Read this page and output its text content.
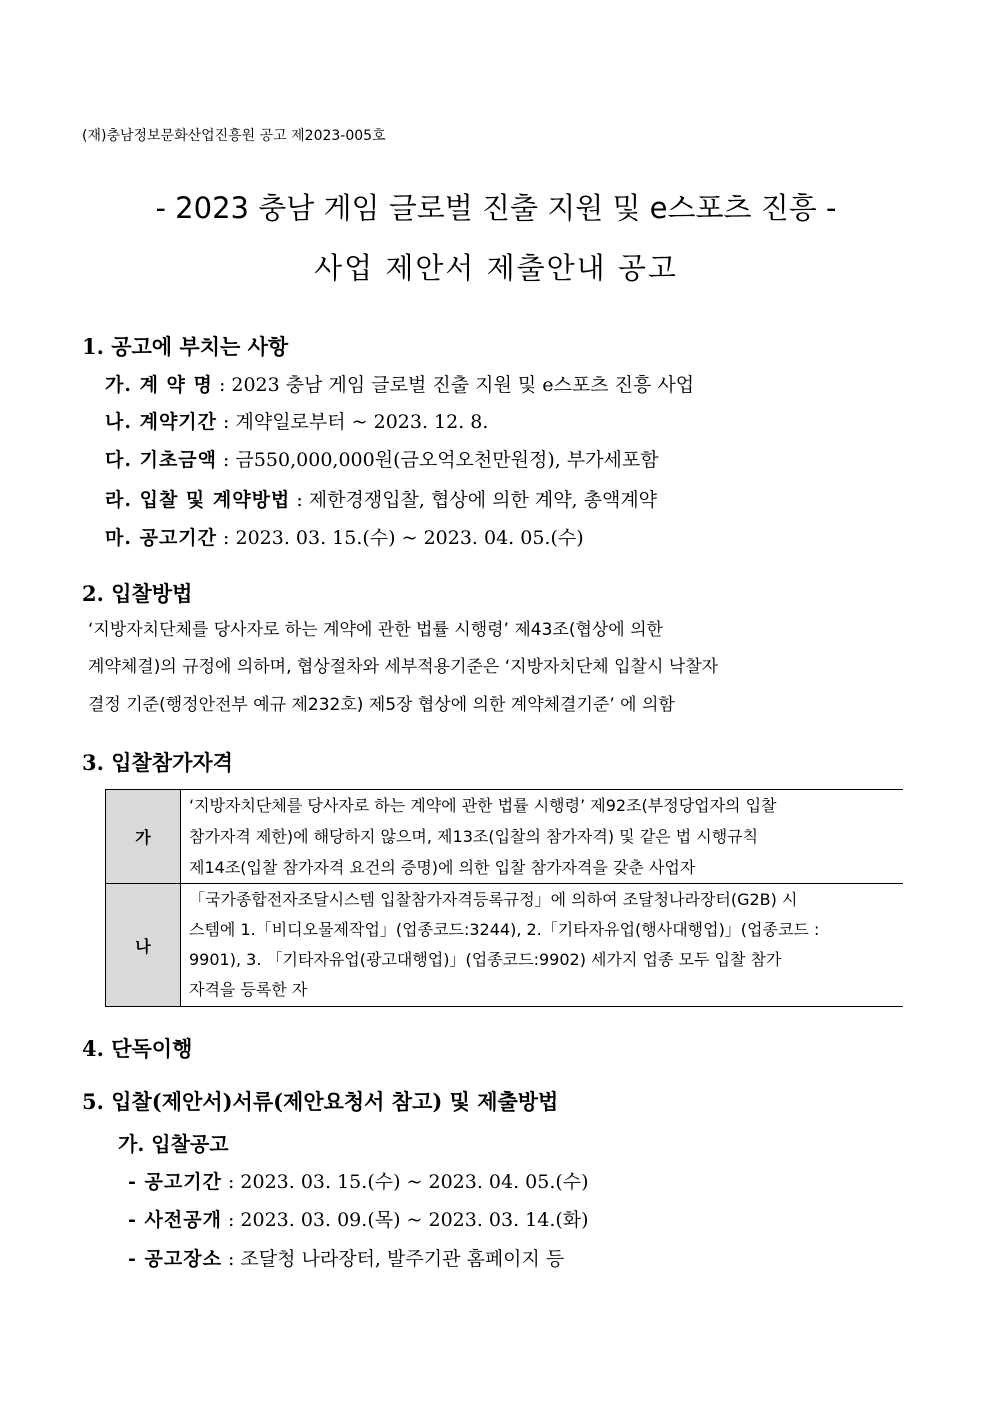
(재)충남정보문화산업진흥원 공고 제2023-005호
- 2023 충남 게임 글로벌 진출 지원 및 e스포츠 진흥 -
사업 제안서 제출안내 공고
1. 공고에 부치는 사항
가. 계 약 명 : 2023 충남 게임 글로벌 진출 지원 및 e스포츠 진흥 사업
나. 계약기간 : 계약일로부터 ~ 2023. 12. 8.
다. 기초금액 : 금550,000,000원(금오억오천만원정), 부가세포함
라. 입찰 및 계약방법 : 제한경쟁입찰, 협상에 의한 계약, 총액계약
마. 공고기간 : 2023. 03. 15.(수) ~ 2023. 04. 05.(수)
2. 입찰방법
‘지방자치단체를 당사자로 하는 계약에 관한 법률 시행령’ 제43조(협상에 의한
계약체결)의 규정에 의하며, 협상절차와 세부적용기준은 ‘지방자치단체 입찰시 낙찰자
결정 기준(행정안전부 예규 제232호) 제5장 협상에 의한 계약체결기준’ 에 의함
3. 입찰참가자격
가	‘지방자치단체를 당사자로 하는 계약에 관한 법률 시행령’ 제92조(부정당업자의 입찰
참가자격 제한)에 해당하지 않으며, 제13조(입찰의 참가자격) 및 같은 법 시행규칙
제14조(입찰 참가자격 요건의 증명)에 의한 입찰 참가자격을 갖춘 사업자

나	「국가종합전자조달시스템 입찰참가자격등록규정」에 의하여 조달청나라장터(G2B) 시
스템에 1.「비디오물제작업」(업종코드:3244), 2.「기타자유업(행사대행업)」(업종코드 :
9901), 3. 「기타자유업(광고대행업)」(업종코드:9902) 세가지 업종 모두 입찰 참가
자격을 등록한 자
4. 단독이행
5. 입찰(제안서)서류(제안요청서 참고) 및 제출방법
가. 입찰공고
- 공고기간 : 2023. 03. 15.(수) ~ 2023. 04. 05.(수)
- 사전공개 : 2023. 03. 09.(목) ~ 2023. 03. 14.(화)
- 공고장소 : 조달청 나라장터, 발주기관 홈페이지 등
